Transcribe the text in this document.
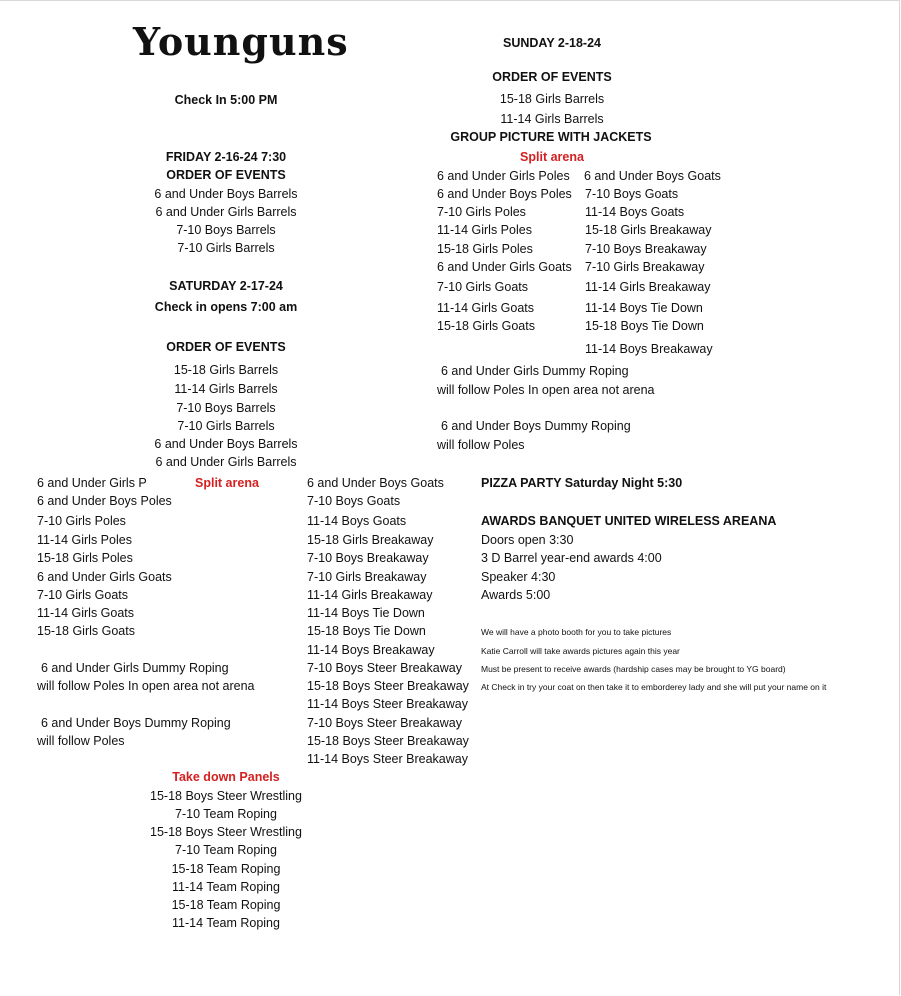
Younguns
Check In 5:00 PM
SUNDAY 2-18-24
FRIDAY 2-16-24 7:30
ORDER OF EVENTS
6 and Under Boys Barrels
6 and Under Girls Barrels
7-10 Boys Barrels
7-10 Girls Barrels
SATURDAY 2-17-24
Check in opens 7:00 am
ORDER OF EVENTS
15-18 Girls Barrels
11-14 Girls Barrels
7-10 Boys Barrels
7-10 Girls Barrels
6 and Under Boys Barrels
6 and Under Girls Barrels
Split arena
6 and Under Girls P
6 and Under Boys Poles
7-10 Girls Poles
11-14 Girls Poles
15-18 Girls Poles
6 and Under Girls Goats
7-10 Girls Goats
11-14 Girls Goats
15-18 Girls Goats
6 and Under Boys Goats
7-10 Boys Goats
11-14 Boys Goats
15-18 Girls Breakaway
7-10 Boys Breakaway
7-10 Girls Breakaway
11-14 Girls Breakaway
11-14 Boys Tie Down
15-18 Boys Tie Down
11-14 Boys Breakaway
7-10 Boys Steer Breakaway
15-18 Boys Steer Breakaway
11-14 Boys Steer Breakaway
7-10 Boys Steer Breakaway
15-18 Boys Steer Breakaway
11-14 Boys Steer Breakaway
6 and Under Girls Dummy Roping
will follow Poles In open area not arena
6 and Under Boys Dummy Roping
will follow Poles
Take down Panels
15-18 Boys Steer Wrestling
7-10 Team Roping
15-18 Boys Steer Wrestling
7-10 Team Roping
15-18 Team Roping
11-14 Team Roping
15-18 Team Roping
11-14 Team Roping
ORDER OF EVENTS
15-18 Girls Barrels
11-14 Girls Barrels
GROUP PICTURE WITH JACKETS
Split arena
6 and Under Girls Poles
6 and Under Boys Poles
7-10 Girls Poles
11-14 Girls Poles
15-18 Girls Poles
6 and Under Girls Goats
7-10 Girls Goats
11-14 Girls Goats
15-18 Girls Goats
6 and Under Boys Goats
7-10 Boys Goats
11-14 Boys Goats
15-18 Girls Breakaway
7-10 Boys Breakaway
7-10 Girls Breakaway
11-14 Girls Breakaway
11-14 Boys Tie Down
15-18 Boys Tie Down
11-14 Boys Breakaway
6 and Under Girls Dummy Roping
will follow Poles In open area not arena
6 and Under Boys Dummy Roping
will follow Poles
PIZZA PARTY Saturday Night 5:30
AWARDS BANQUET UNITED WIRELESS AREANA
Doors open 3:30
3 D Barrel year-end awards 4:00
Speaker 4:30
Awards 5:00
We will have a photo booth for you to take pictures
Katie Carroll will take awards pictures again this year
Must be present to receive awards (hardship cases may be brought to YG board)
At Check in try your coat on then take it to emborderey lady and she will put your name on it
